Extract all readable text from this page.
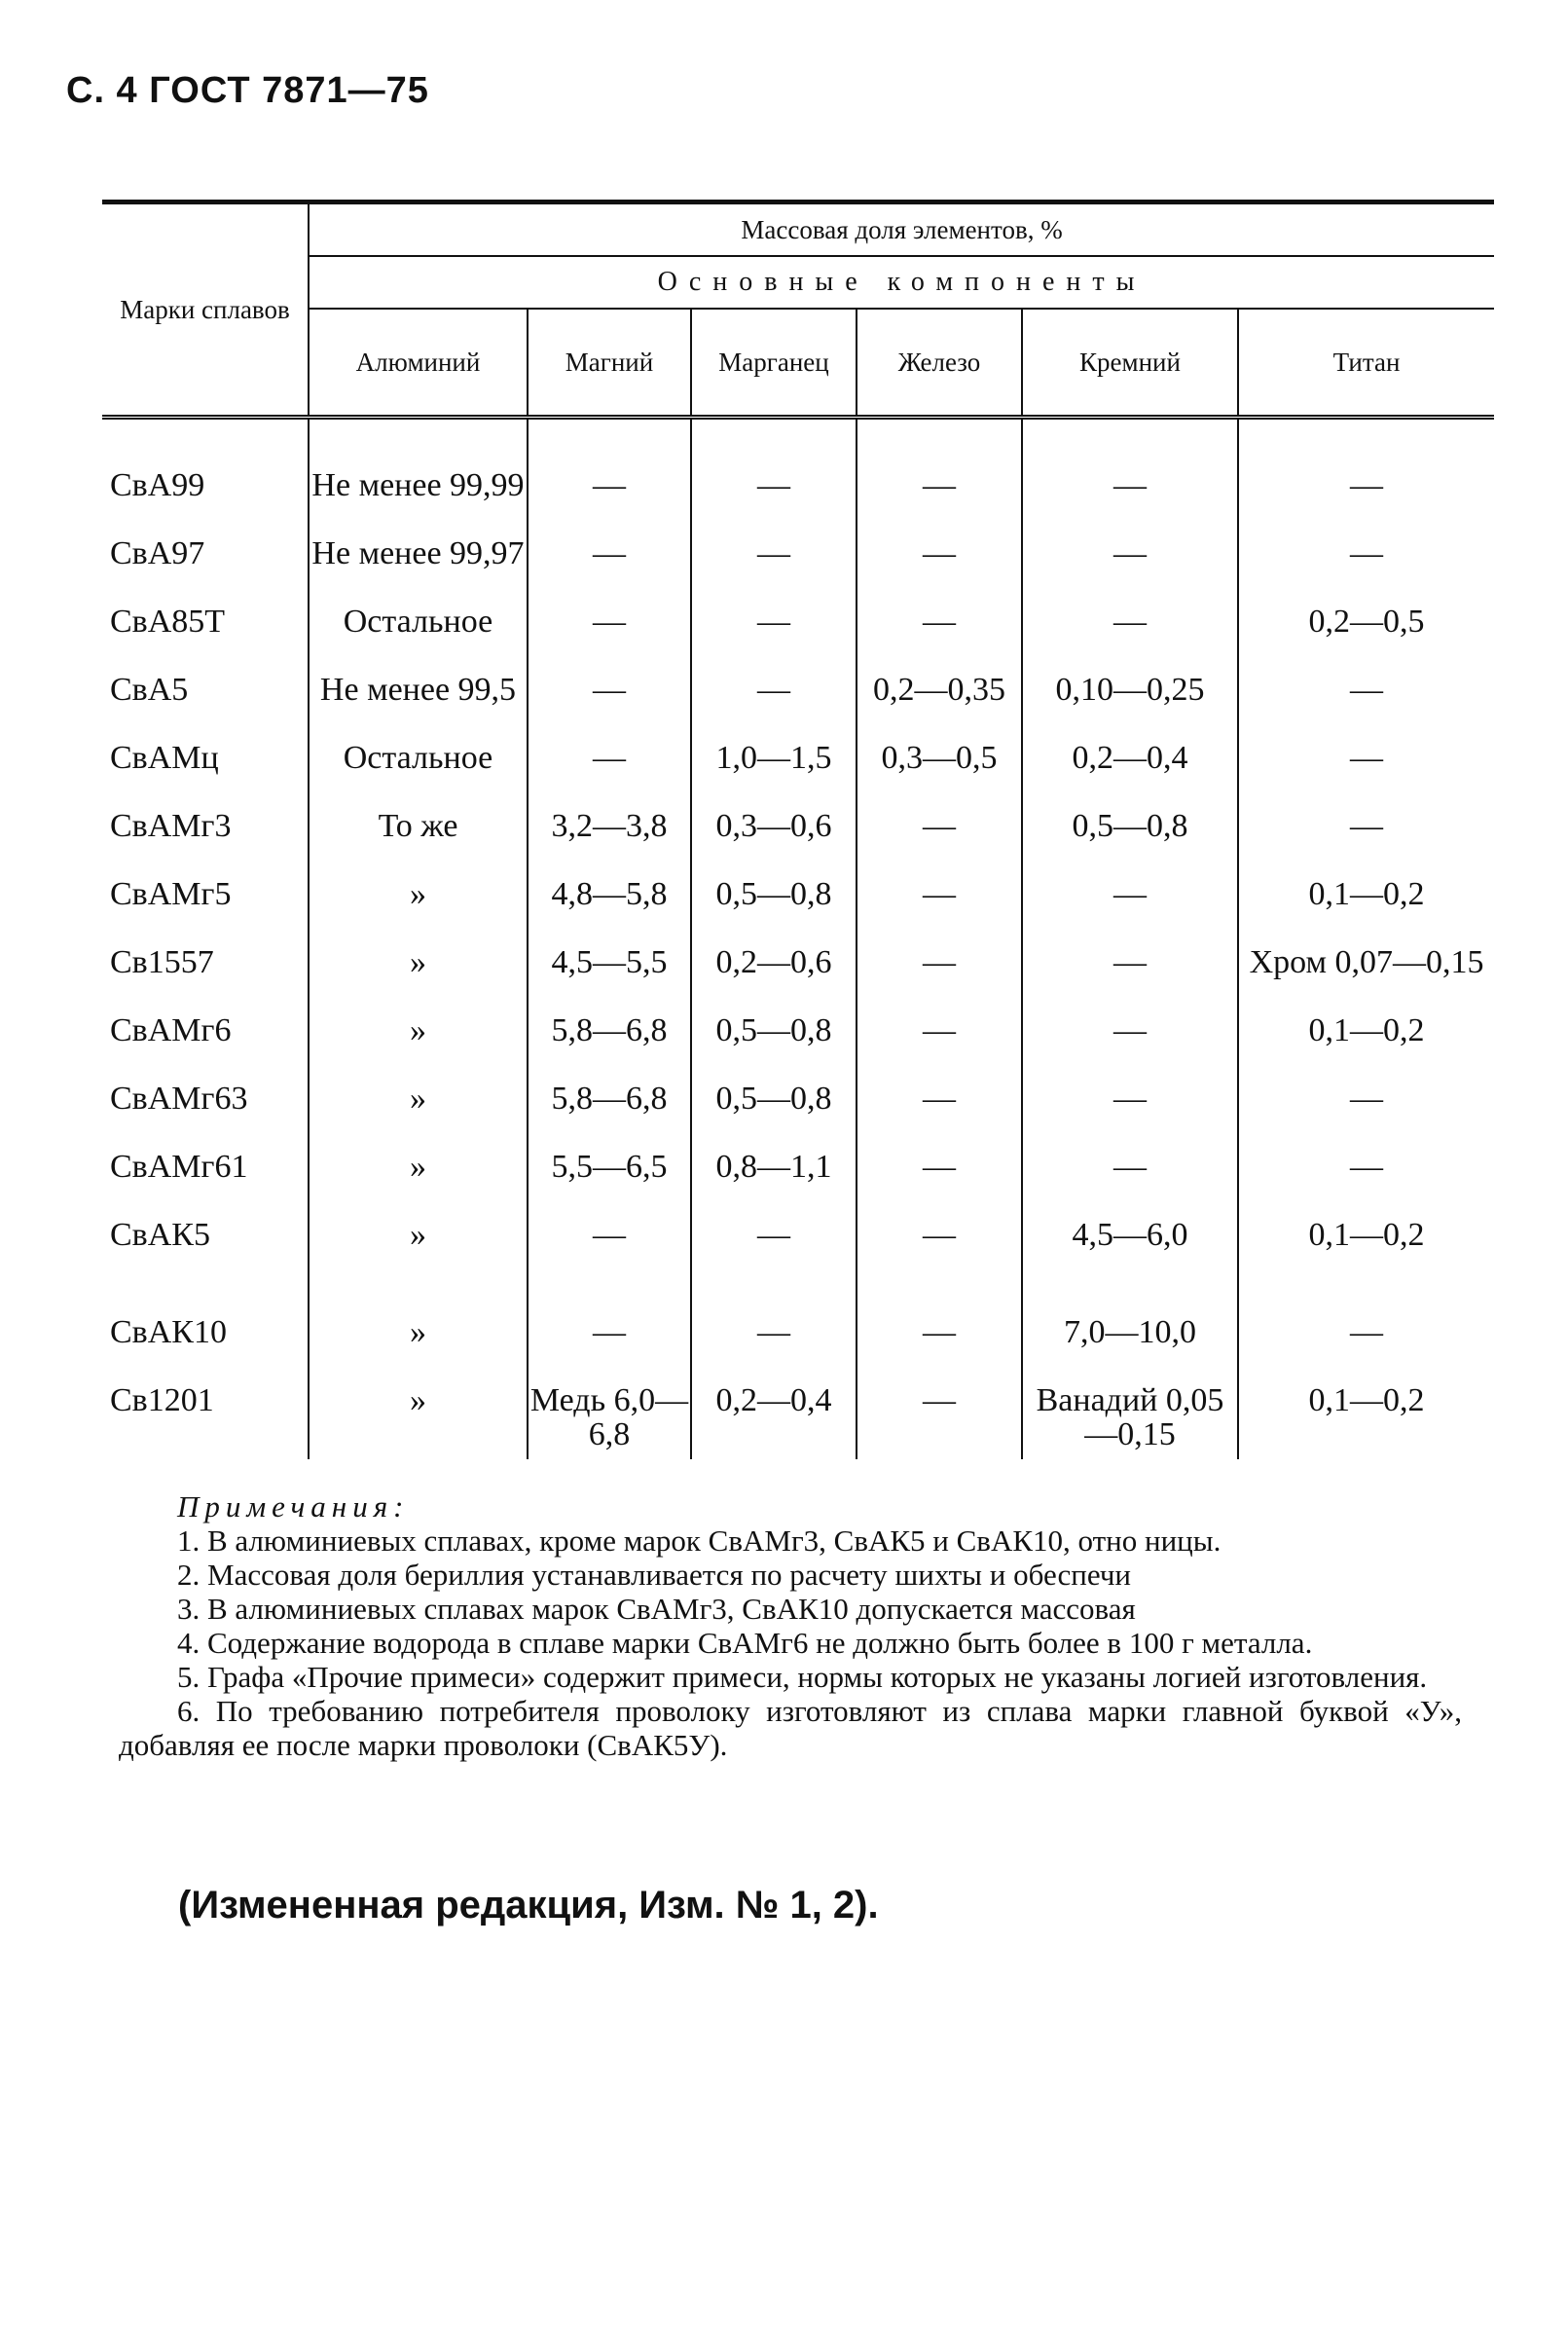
С. 4 ГОСТ 7871—75
Марки сплавов	Массовая доля элементов, %					
	Основные компоненты					
	Алюминий	Магний	Марганец	Железо	Кремний	Титан
СвА99	Не менее 99,99	—	—	—	—	—
СвА97	Не менее 99,97	—	—	—	—	—
СвА85Т	Остальное	—	—	—	—	0,2—0,5
СвА5	Не менее 99,5	—	—	0,2—0,35	0,10—0,25	—
СвАМц	Остальное	—	1,0—1,5	0,3—0,5	0,2—0,4	—
СвАМг3	То же	3,2—3,8	0,3—0,6	—	0,5—0,8	—
СвАМг5	»	4,8—5,8	0,5—0,8	—	—	0,1—0,2
Св1557	»	4,5—5,5	0,2—0,6	—	—	Хром 0,07—0,15
СвАМг6	»	5,8—6,8	0,5—0,8	—	—	0,1—0,2
СвАМг63	»	5,8—6,8	0,5—0,8	—	—	—
СвАМг61	»	5,5—6,5	0,8—1,1	—	—	—
СвАК5	»	—	—	—	4,5—6,0	0,1—0,2
СвАК10	»	—	—	—	7,0—10,0	—
Св1201	»	Медь 6,0—6,8	0,2—0,4	—	Ванадий 0,05—0,15	0,1—0,2
Примечания:
1. В алюминиевых сплавах, кроме марок СвАМг3, СвАК5 и СвАК10, отно ницы.
2. Массовая доля бериллия устанавливается по расчету шихты и обеспечи
3. В алюминиевых сплавах марок СвАМг3, СвАК10 допускается массовая
4. Содержание водорода в сплаве марки СвАМг6 не должно быть более в 100 г металла.
5. Графа «Прочие примеси» содержит примеси, нормы которых не указаны логией изготовления.
6. По требованию потребителя проволоку изготовляют из сплава марки главной буквой «У», добавляя ее после марки проволоки (СвАК5У).
(Измененная редакция, Изм. № 1, 2).
